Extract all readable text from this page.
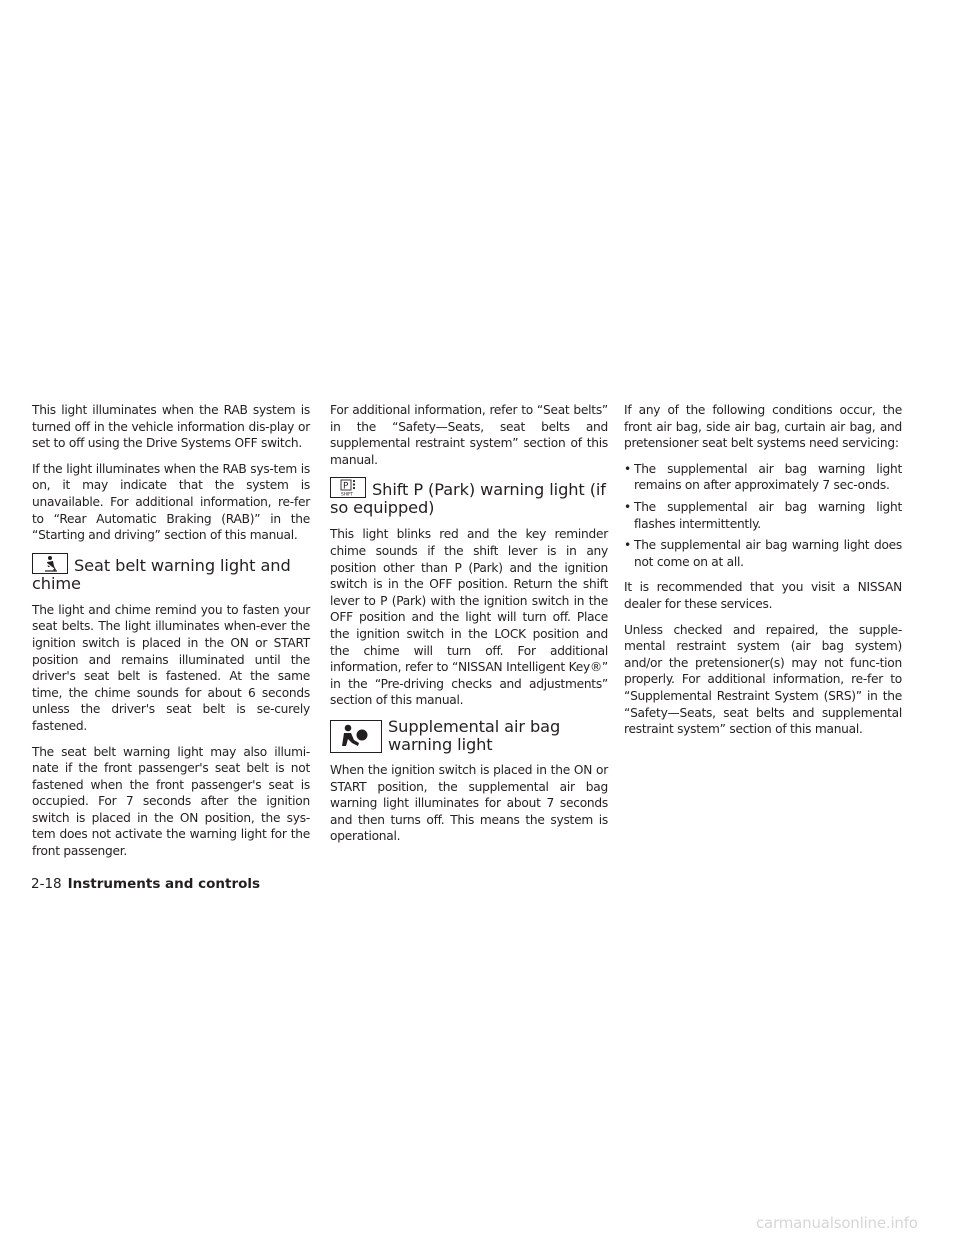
This light illuminates when the RAB system is turned off in the vehicle information dis-play or set to off using the Drive Systems OFF switch.

If the light illuminates when the RAB sys-tem is on, it may indicate that the system is unavailable. For additional information, re-fer to “Rear Automatic Braking (RAB)” in the “Starting and driving” section of this manual.

Seat belt warning light and chime

The light and chime remind you to fasten your seat belts. The light illuminates when-ever the ignition switch is placed in the ON or START position and remains illuminated until the driver's seat belt is fastened. At the same time, the chime sounds for about 6 seconds unless the driver's seat belt is se-curely fastened.

The seat belt warning light may also illumi-nate if the front passenger's seat belt is not fastened when the front passenger's seat is occupied. For 7 seconds after the ignition switch is placed in the ON position, the sys-tem does not activate the warning light for the front passenger.

For additional information, refer to “Seat belts” in the “Safety—Seats, seat belts and supplemental restraint system” section of this manual.

P
SHIFT Shift P (Park) warning light (if so equipped)

This light blinks red and the key reminder chime sounds if the shift lever is in any position other than P (Park) and the ignition switch is in the OFF position. Return the shift lever to P (Park) with the ignition switch in the OFF position and the light will turn off. Place the ignition switch in the LOCK position and the chime will turn off. For additional information, refer to “NISSAN Intelligent Key®” in the “Pre-driving checks and adjustments” section of this manual.

Supplemental air bag warning light

When the ignition switch is placed in the ON or START position, the supplemental air bag warning light illuminates for about 7 seconds and then turns off. This means the system is operational.

If any of the following conditions occur, the front air bag, side air bag, curtain air bag, and pretensioner seat belt systems need servicing:

• The supplemental air bag warning light remains on after approximately 7 sec-onds.
• The supplemental air bag warning light flashes intermittently.
• The supplemental air bag warning light does not come on at all.

It is recommended that you visit a NISSAN dealer for these services.

Unless checked and repaired, the supple-mental restraint system (air bag system) and/or the pretensioner(s) may not func-tion properly. For additional information, re-fer to “Supplemental Restraint System (SRS)” in the “Safety—Seats, seat belts and supplemental restraint system” section of this manual.

2-18 Instruments and controls
carmanualsonline.info
